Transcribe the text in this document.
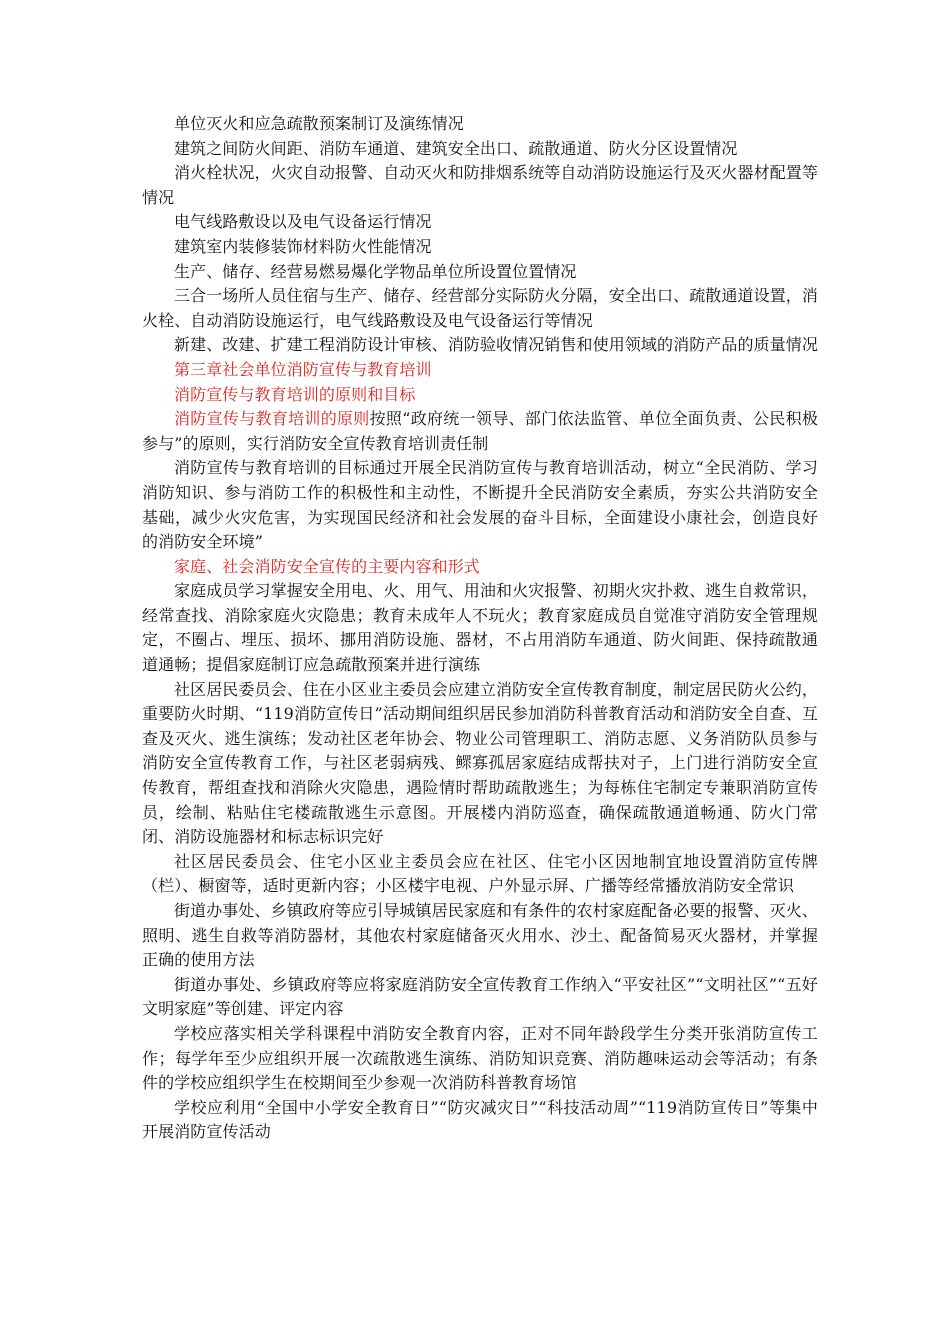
单位灭火和应急疏散预案制订及演练情况

建筑之间防火间距、消防车通道、建筑安全出口、疏散通道、防火分区设置情况

消火栓状况，火灾自动报警、自动灭火和防排烟系统等自动消防设施运行及灭火器材配置等情况

电气线路敷设以及电气设备运行情况

建筑室内装修装饰材料防火性能情况

生产、储存、经营易燃易爆化学物品单位所设置位置情况

三合一场所人员住宿与生产、储存、经营部分实际防火分隔，安全出口、疏散通道设置，消火栓、自动消防设施运行，电气线路敷设及电气设备运行等情况

新建、改建、扩建工程消防设计审核、消防验收情况销售和使用领域的消防产品的质量情况

第三章社会单位消防宣传与教育培训

消防宣传与教育培训的原则和目标

消防宣传与教育培训的原则按照“政府统一领导、部门依法监管、单位全面负责、公民积极参与”的原则，实行消防安全宣传教育培训责任制

消防宣传与教育培训的目标通过开展全民消防宣传与教育培训活动，树立“全民消防、学习消防知识、参与消防工作的积极性和主动性，不断提升全民消防安全素质，夯实公共消防安全基础，减少火灾危害，为实现国民经济和社会发展的奋斗目标，全面建设小康社会，创造良好的消防安全环境”

家庭、社会消防安全宣传的主要内容和形式

家庭成员学习掌握安全用电、火、用气、用油和火灾报警、初期火灾扑救、逃生自救常识，经常查找、消除家庭火灾隐患；教育未成年人不玩火；教育家庭成员自觉准守消防安全管理规定，不圈占、埋压、损坏、挪用消防设施、器材，不占用消防车通道、防火间距、保持疏散通道通畅；提倡家庭制订应急疏散预案并进行演练

社区居民委员会、住在小区业主委员会应建立消防安全宣传教育制度，制定居民防火公约，重要防火时期、“119消防宣传日”活动期间组织居民参加消防科普教育活动和消防安全自查、互查及灭火、逃生演练；发动社区老年协会、物业公司管理职工、消防志愿、义务消防队员参与消防安全宣传教育工作，与社区老弱病残、鳏寡孤居家庭结成帮扶对子，上门进行消防安全宣传教育，帮组查找和消除火灾隐患，遇险情时帮助疏散逃生；为每栋住宅制定专兼职消防宣传员，绘制、粘贴住宅楼疏散逃生示意图。开展楼内消防巡查，确保疏散通道畅通、防火门常闭、消防设施器材和标志标识完好

社区居民委员会、住宅小区业主委员会应在社区、住宅小区因地制宜地设置消防宣传牌（栏）、橱窗等，适时更新内容；小区楼宇电视、户外显示屏、广播等经常播放消防安全常识

街道办事处、乡镇政府等应引导城镇居民家庭和有条件的农村家庭配备必要的报警、灭火、照明、逃生自救等消防器材，其他农村家庭储备灭火用水、沙土、配备简易灭火器材，并掌握正确的使用方法

街道办事处、乡镇政府等应将家庭消防安全宣传教育工作纳入“平安社区”“文明社区”“五好文明家庭”等创建、评定内容

学校应落实相关学科课程中消防安全教育内容，正对不同年龄段学生分类开张消防宣传工作；每学年至少应组织开展一次疏散逃生演练、消防知识竞赛、消防趣味运动会等活动；有条件的学校应组织学生在校期间至少参观一次消防科普教育场馆

学校应利用“全国中小学安全教育日”“防灾减灾日”“科技活动周”“119消防宣传日”等集中开展消防宣传活动
